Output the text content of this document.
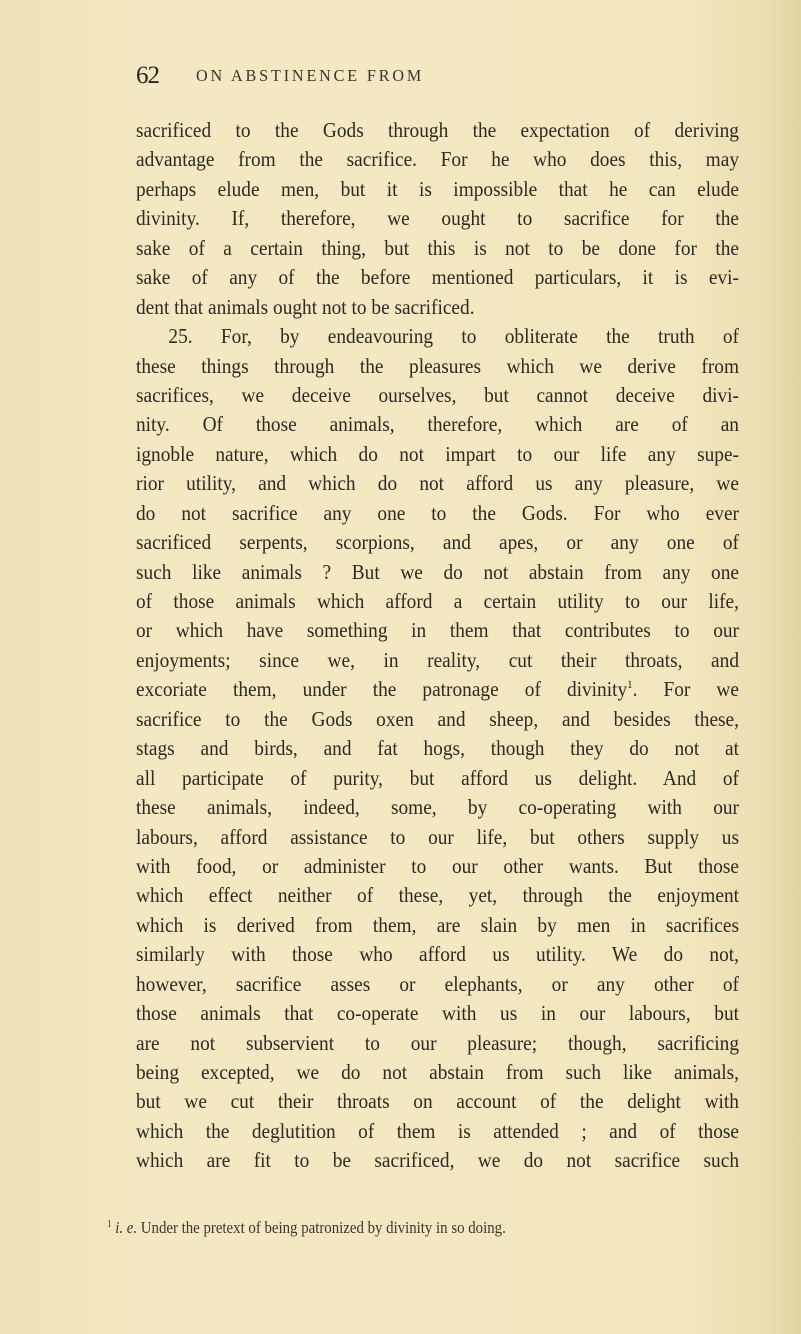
62 ON ABSTINENCE FROM
sacrificed to the Gods through the expectation of deriving
advantage from the sacrifice. For he who does this, may
perhaps elude men, but it is impossible that he can elude
divinity. If, therefore, we ought to sacrifice for the
sake of a certain thing, but this is not to be done for the
sake of any of the before mentioned particulars, it is evi-
dent that animals ought not to be sacrificed.
25. For, by endeavouring to obliterate the truth of
these things through the pleasures which we derive from
sacrifices, we deceive ourselves, but cannot deceive divi-
nity. Of those animals, therefore, which are of an
ignoble nature, which do not impart to our life any supe-
rior utility, and which do not afford us any pleasure, we
do not sacrifice any one to the Gods. For who ever
sacrificed serpents, scorpions, and apes, or any one of
such like animals ? But we do not abstain from any one
of those animals which afford a certain utility to our life,
or which have something in them that contributes to our
enjoyments; since we, in reality, cut their throats, and
excoriate them, under the patronage of divinity$^1$. For we
sacrifice to the Gods oxen and sheep, and besides these,
stags and birds, and fat hogs, though they do not at
all participate of purity, but afford us delight. And of
these animals, indeed, some, by co-operating with our
labours, afford assistance to our life, but others supply us
with food, or administer to our other wants. But those
which effect neither of these, yet, through the enjoyment
which is derived from them, are slain by men in sacrifices
similarly with those who afford us utility. We do not,
however, sacrifice asses or elephants, or any other of
those animals that co-operate with us in our labours, but
are not subservient to our pleasure; though, sacrificing
being excepted, we do not abstain from such like animals,
but we cut their throats on account of the delight with
which the deglutition of them is attended ; and of those
which are fit to be sacrificed, we do not sacrifice such
$^1$ i. e. Under the pretext of being patronized by divinity in so doing.
